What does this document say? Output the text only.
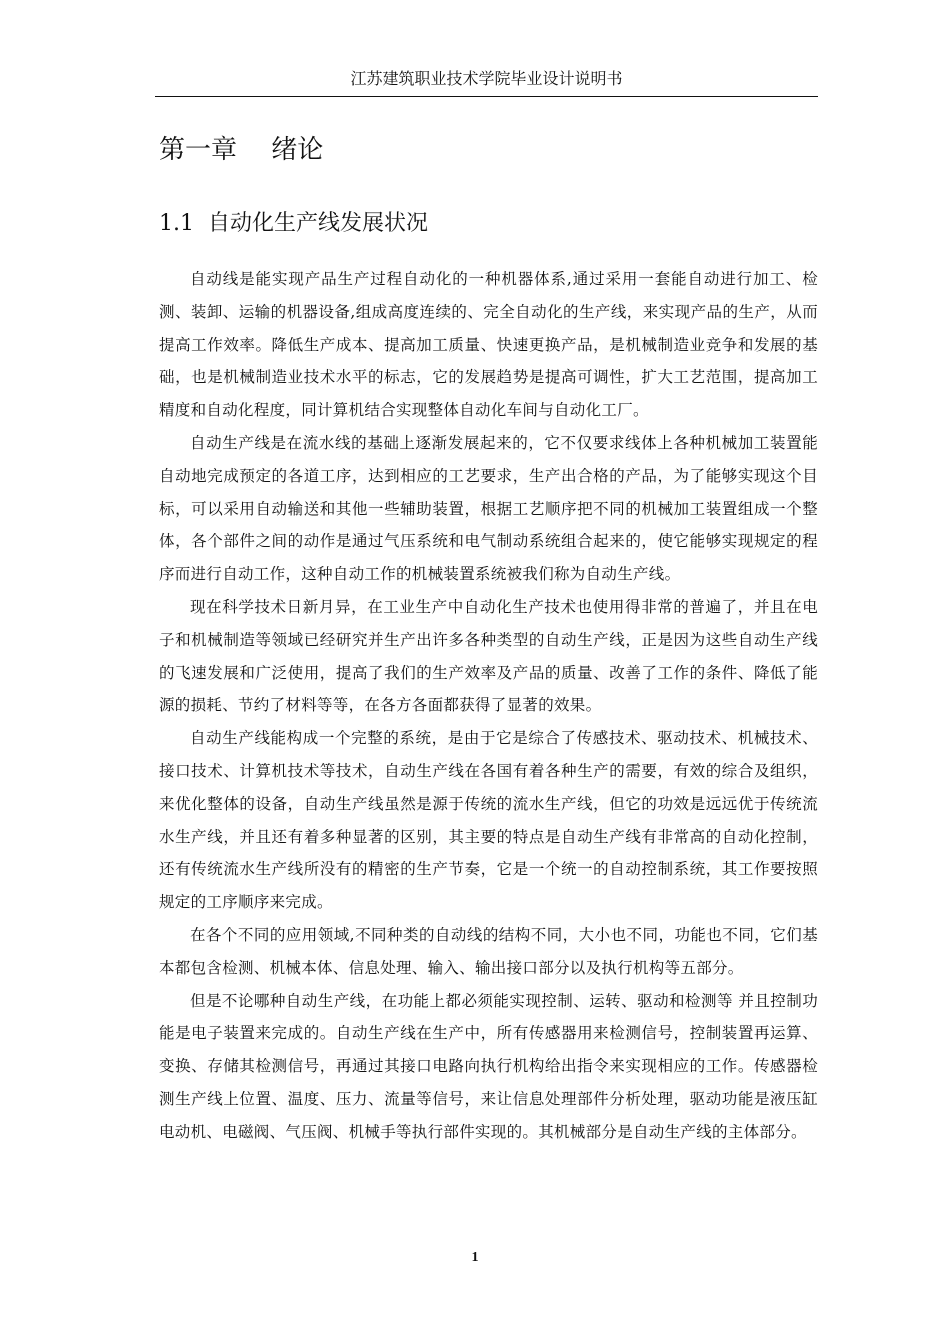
江苏建筑职业技术学院毕业设计说明书
第一章　 绪论
1.1  自动化生产线发展状况

自动线是能实现产品生产过程自动化的一种机器体系,通过采用一套能自动进行加工、检测、装卸、运输的机器设备,组成高度连续的、完全自动化的生产线，来实现产品的生产，从而提高工作效率。降低生产成本、提高加工质量、快速更换产品，是机械制造业竞争和发展的基础，也是机械制造业技术水平的标志，它的发展趋势是提高可调性，扩大工艺范围，提高加工精度和自动化程度，同计算机结合实现整体自动化车间与自动化工厂。

自动生产线是在流水线的基础上逐渐发展起来的，它不仅要求线体上各种机械加工装置能自动地完成预定的各道工序，达到相应的工艺要求，生产出合格的产品，为了能够实现这个目标，可以采用自动输送和其他一些辅助装置，根据工艺顺序把不同的机械加工装置组成一个整体，各个部件之间的动作是通过气压系统和电气制动系统组合起来的，使它能够实现规定的程序而进行自动工作，这种自动工作的机械装置系统被我们称为自动生产线。

现在科学技术日新月异，在工业生产中自动化生产技术也使用得非常的普遍了，并且在电子和机械制造等领域已经研究并生产出许多各种类型的自动生产线，正是因为这些自动生产线的飞速发展和广泛使用，提高了我们的生产效率及产品的质量、改善了工作的条件、降低了能源的损耗、节约了材料等等，在各方各面都获得了显著的效果。

自动生产线能构成一个完整的系统，是由于它是综合了传感技术、驱动技术、机械技术、接口技术、计算机技术等技术，自动生产线在各国有着各种生产的需要，有效的综合及组织，来优化整体的设备，自动生产线虽然是源于传统的流水生产线，但它的功效是远远优于传统流水生产线，并且还有着多种显著的区别，其主要的特点是自动生产线有非常高的自动化控制，还有传统流水生产线所没有的精密的生产节奏，它是一个统一的自动控制系统，其工作要按照规定的工序顺序来完成。

在各个不同的应用领域,不同种类的自动线的结构不同，大小也不同，功能也不同，它们基本都包含检测、机械本体、信息处理、输入、输出接口部分以及执行机构等五部分。

但是不论哪种自动生产线，在功能上都必须能实现控制、运转、驱动和检测等 并且控制功能是电子装置来完成的。自动生产线在生产中，所有传感器用来检测信号，控制装置再运算、变换、存储其检测信号，再通过其接口电路向执行机构给出指令来实现相应的工作。传感器检测生产线上位置、温度、压力、流量等信号，来让信息处理部件分析处理，驱动功能是液压缸电动机、电磁阀、气压阀、机械手等执行部件实现的。其机械部分是自动生产线的主体部分。

1
